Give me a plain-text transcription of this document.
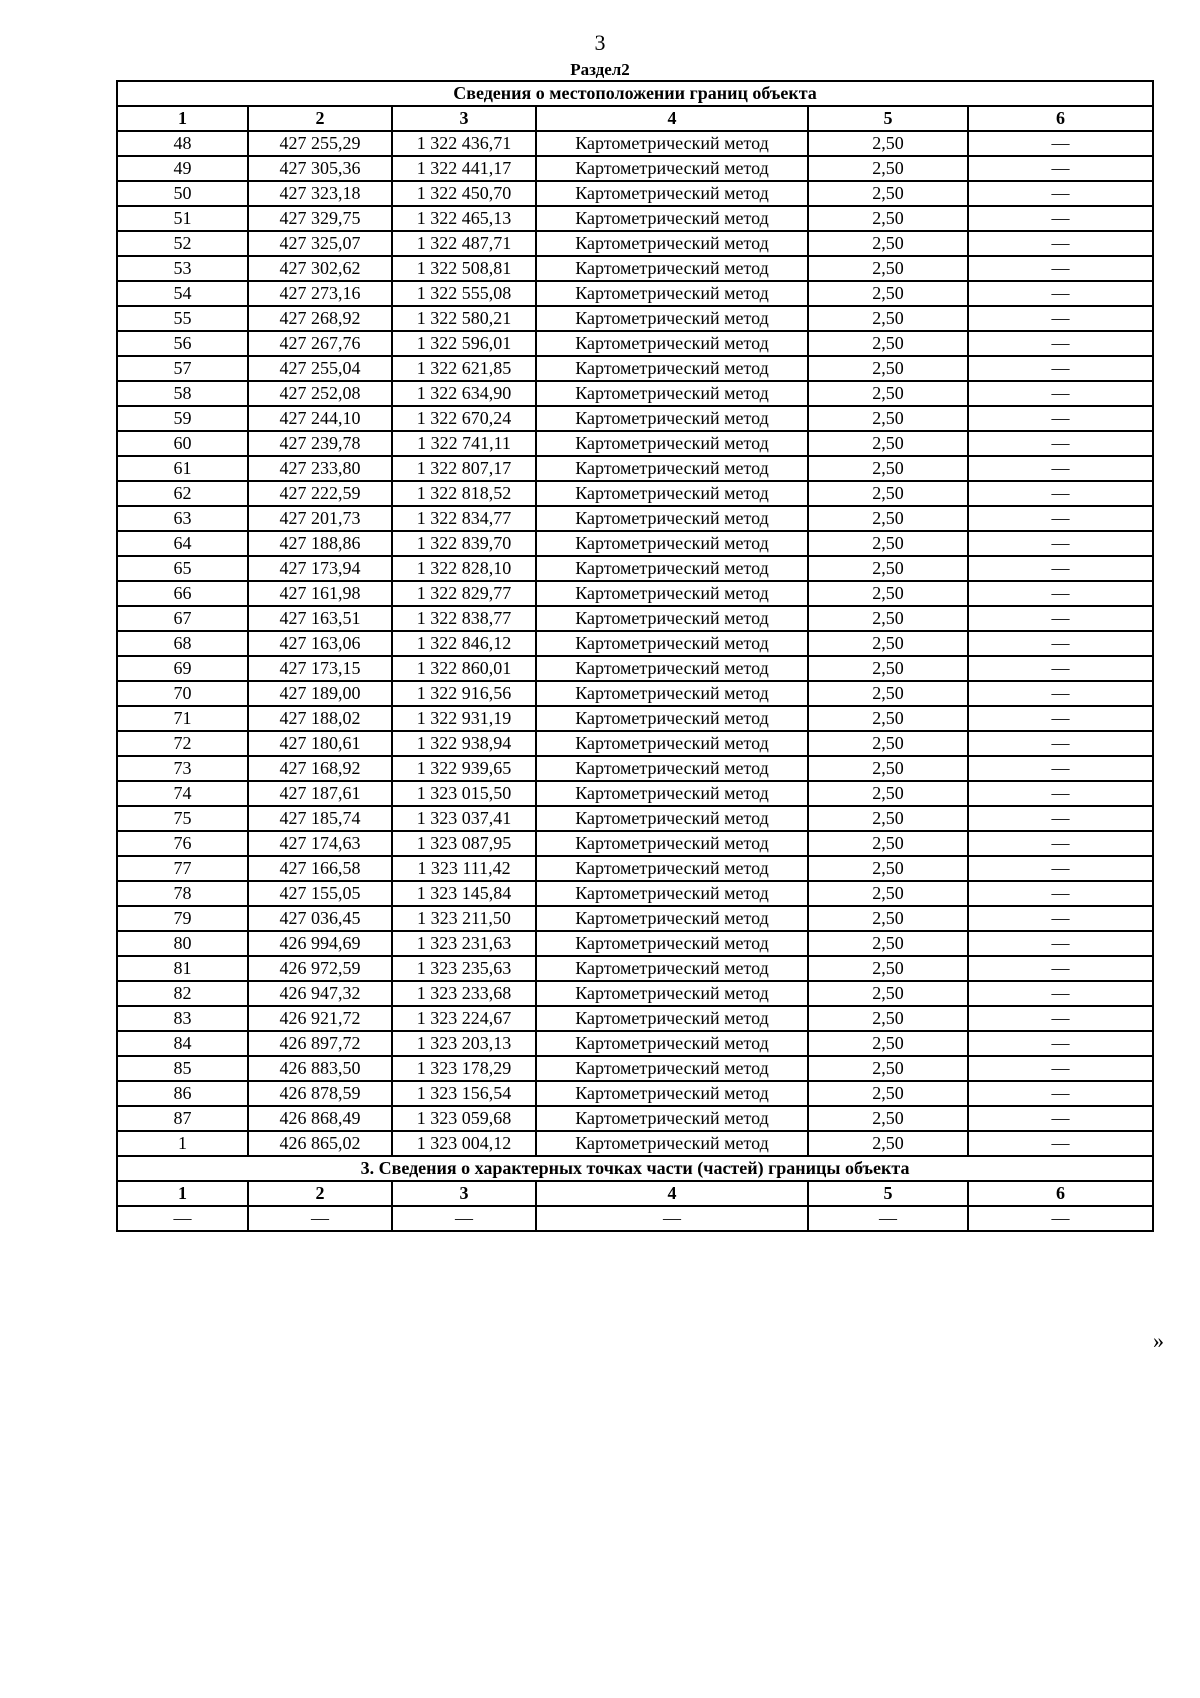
3
Раздел2
Сведения о местоположении границ объекта					
1	2	3	4	5	6
48	427 255,29	1 322 436,71	Картометрический метод	2,50	—
49	427 305,36	1 322 441,17	Картометрический метод	2,50	—
50	427 323,18	1 322 450,70	Картометрический метод	2,50	—
51	427 329,75	1 322 465,13	Картометрический метод	2,50	—
52	427 325,07	1 322 487,71	Картометрический метод	2,50	—
53	427 302,62	1 322 508,81	Картометрический метод	2,50	—
54	427 273,16	1 322 555,08	Картометрический метод	2,50	—
55	427 268,92	1 322 580,21	Картометрический метод	2,50	—
56	427 267,76	1 322 596,01	Картометрический метод	2,50	—
57	427 255,04	1 322 621,85	Картометрический метод	2,50	—
58	427 252,08	1 322 634,90	Картометрический метод	2,50	—
59	427 244,10	1 322 670,24	Картометрический метод	2,50	—
60	427 239,78	1 322 741,11	Картометрический метод	2,50	—
61	427 233,80	1 322 807,17	Картометрический метод	2,50	—
62	427 222,59	1 322 818,52	Картометрический метод	2,50	—
63	427 201,73	1 322 834,77	Картометрический метод	2,50	—
64	427 188,86	1 322 839,70	Картометрический метод	2,50	—
65	427 173,94	1 322 828,10	Картометрический метод	2,50	—
66	427 161,98	1 322 829,77	Картометрический метод	2,50	—
67	427 163,51	1 322 838,77	Картометрический метод	2,50	—
68	427 163,06	1 322 846,12	Картометрический метод	2,50	—
69	427 173,15	1 322 860,01	Картометрический метод	2,50	—
70	427 189,00	1 322 916,56	Картометрический метод	2,50	—
71	427 188,02	1 322 931,19	Картометрический метод	2,50	—
72	427 180,61	1 322 938,94	Картометрический метод	2,50	—
73	427 168,92	1 322 939,65	Картометрический метод	2,50	—
74	427 187,61	1 323 015,50	Картометрический метод	2,50	—
75	427 185,74	1 323 037,41	Картометрический метод	2,50	—
76	427 174,63	1 323 087,95	Картометрический метод	2,50	—
77	427 166,58	1 323 111,42	Картометрический метод	2,50	—
78	427 155,05	1 323 145,84	Картометрический метод	2,50	—
79	427 036,45	1 323 211,50	Картометрический метод	2,50	—
80	426 994,69	1 323 231,63	Картометрический метод	2,50	—
81	426 972,59	1 323 235,63	Картометрический метод	2,50	—
82	426 947,32	1 323 233,68	Картометрический метод	2,50	—
83	426 921,72	1 323 224,67	Картометрический метод	2,50	—
84	426 897,72	1 323 203,13	Картометрический метод	2,50	—
85	426 883,50	1 323 178,29	Картометрический метод	2,50	—
86	426 878,59	1 323 156,54	Картометрический метод	2,50	—
87	426 868,49	1 323 059,68	Картометрический метод	2,50	—
1	426 865,02	1 323 004,12	Картометрический метод	2,50	—
3. Сведения о характерных точках части (частей) границы объекта					
1	2	3	4	5	6
—	—	—	—	—	—
»
